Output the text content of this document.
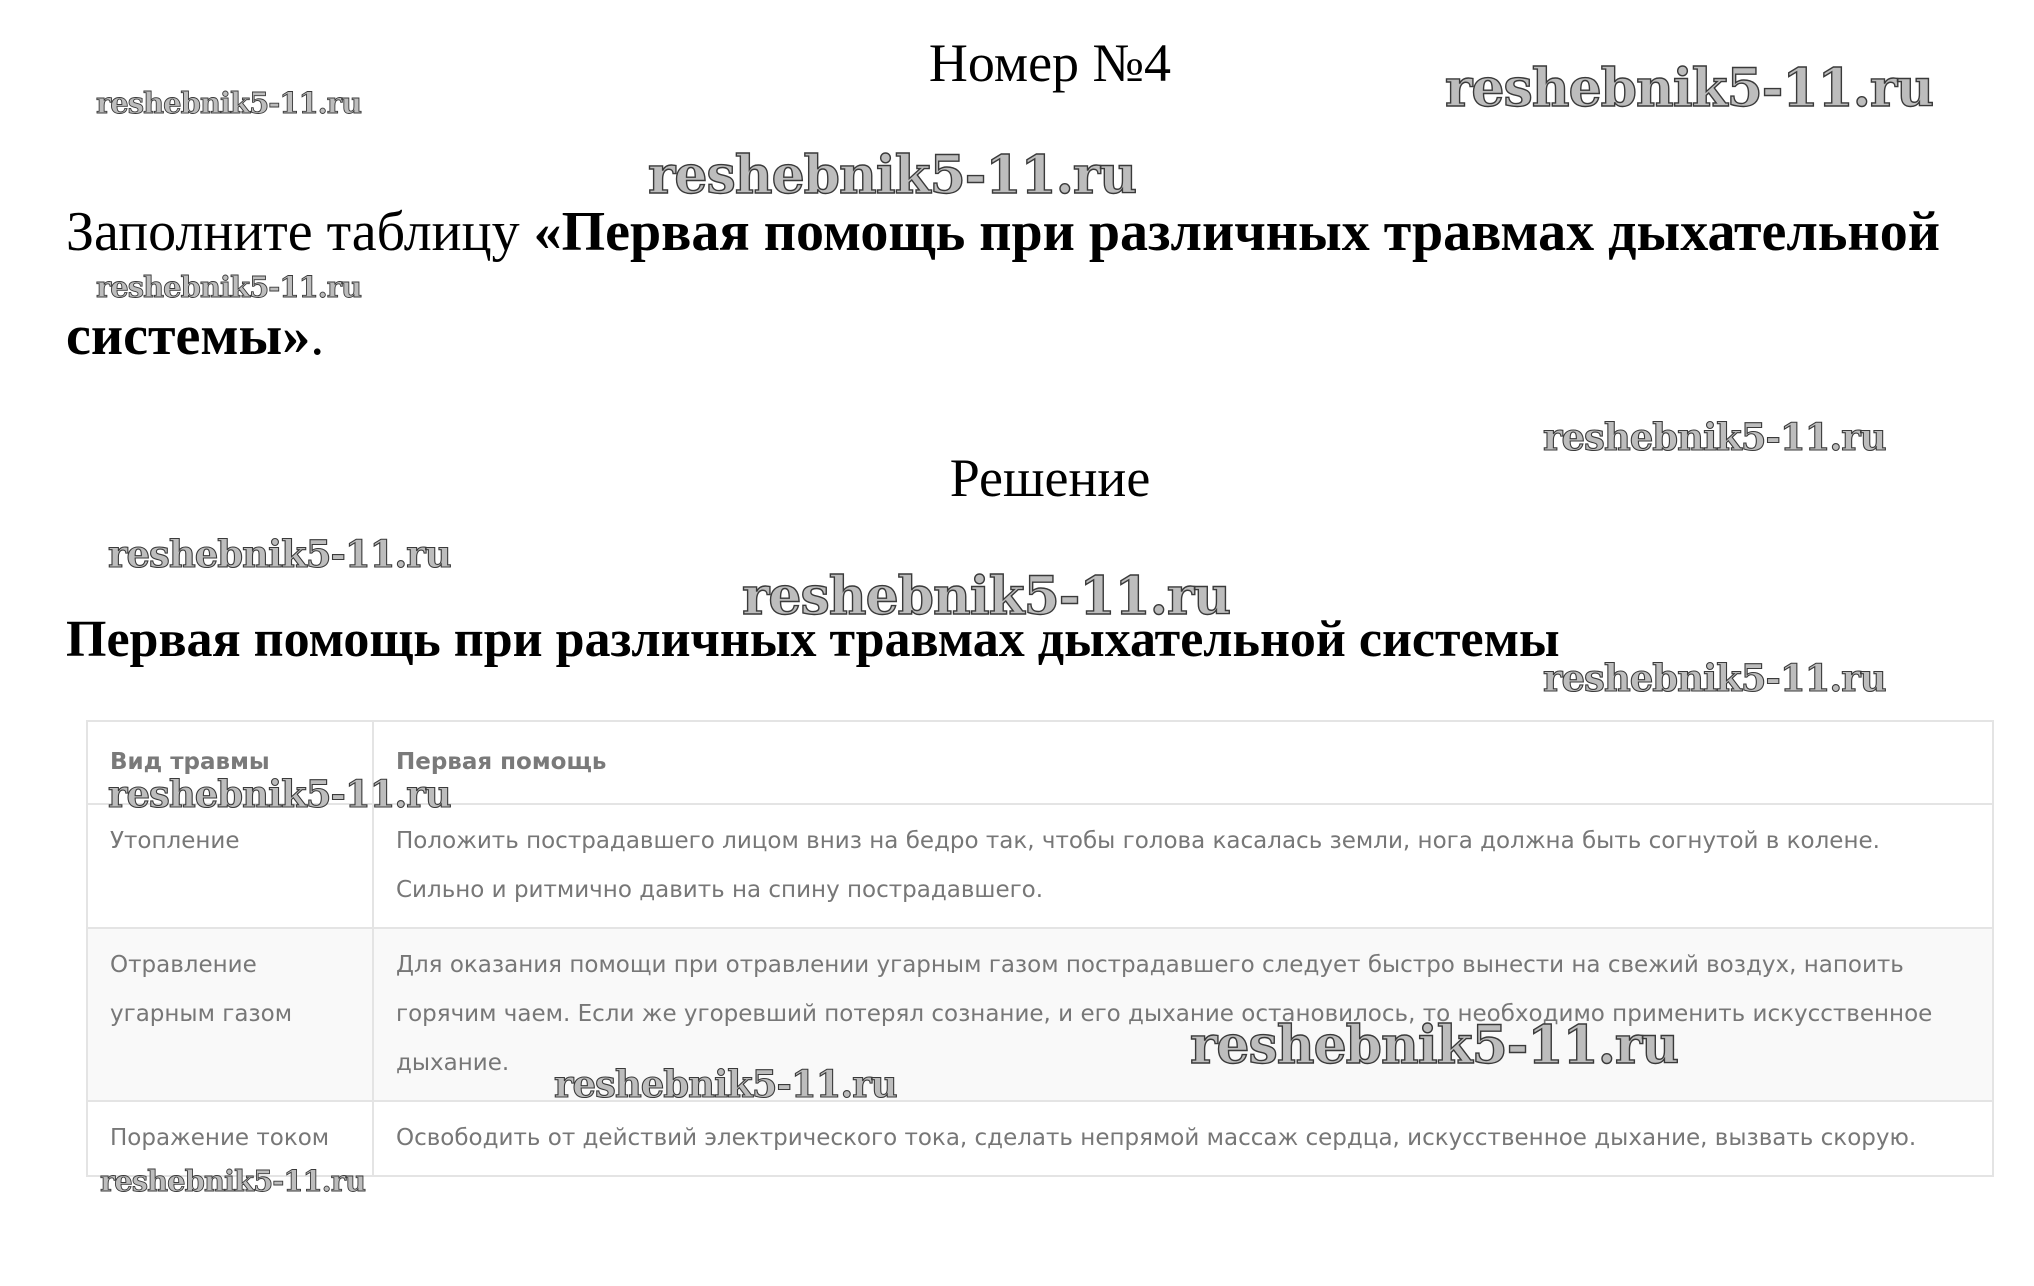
Номер №4
Заполните таблицу «Первая помощь при различных травмах дыхательной системы».
Решение
Первая помощь при различных травмах дыхательной системы
Вид травмы	Первая помощь
Утопление	Положить пострадавшего лицом вниз на бедро так, чтобы голова касалась земли, нога должна быть согнутой в колене. Сильно и ритмично давить на спину пострадавшего.
Отравление угарным газом	Для оказания помощи при отравлении угарным газом пострадавшего следует быстро вынести на свежий воздух, напоить горячим чаем. Если же угоревший потерял сознание, и его дыхание остановилось, то необходимо применить искусственное дыхание.
Поражение током	Освободить от действий электрического тока, сделать непрямой массаж сердца, искусственное дыхание, вызвать скорую.
reshebnik5-11.ru	reshebnik5-11.ru
reshebnik5-11.ru
reshebnik5-11.ru
reshebnik5-11.ru
reshebnik5-11.ru
reshebnik5-11.ru
reshebnik5-11.ru
reshebnik5-11.ru
reshebnik5-11.ru
reshebnik5-11.ru
reshebnik5-11.ru
